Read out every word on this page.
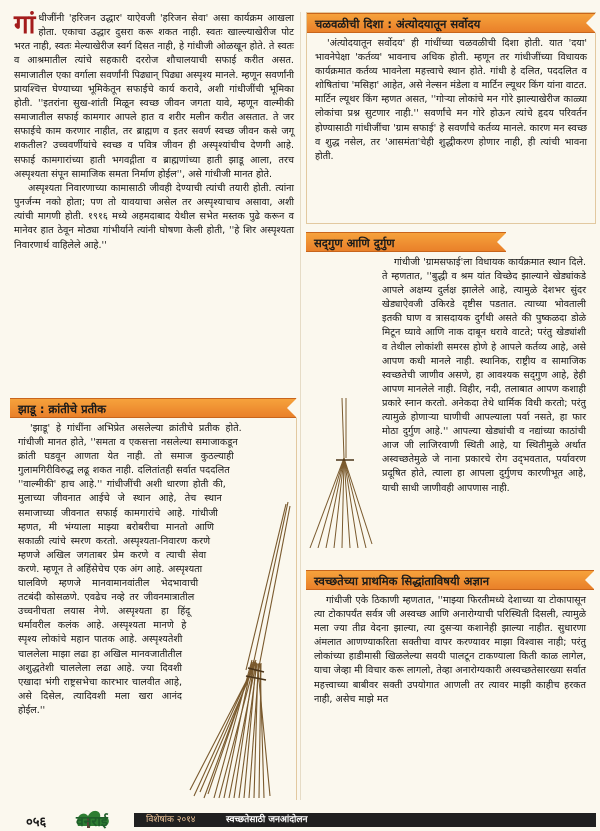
गांधीजींनी 'हरिजन उद्धार' याऐवजी 'हरिजन सेवा' असा कार्यक्रम आखला होता. एकाचा उद्धार दुसरा करू शकत नाही. स्वतः खाल्ल्याखेरीज पोट भरत नाही, स्वतः मेल्याखेरीज स्वर्ग दिसत नाही, हे गांधीजी ओळखून होते. ते स्वतः व आश्रमातील त्यांचे सहकारी दररोज शौचालयाची सफाई करीत असत. समाजातील एका वर्गाला सवर्णांनी पिढ्यान् पिढ्या अस्पृश्य मानले. म्हणून सवर्णांनी प्रायश्चित्त घेण्याच्या भूमिकेतून सफाईचे कार्य करावे, अशी गांधीजींची भूमिका होती. ''इतरांना सुख-शांती मिळून स्वच्छ जीवन जगता यावे, म्हणून वाल्मीकी समाजातील सफाई कामगार आपले हात व शरीर मलीन करीत असतात. ते जर सफाईचे काम करणार नाहीत, तर ब्राह्मण व इतर सवर्ण स्वच्छ जीवन कसे जगू शकतील? उच्चवर्णीयांचे स्वच्छ व पवित्र जीवन ही अस्पृश्यांचीच देणगी आहे. सफाई कामगारांच्या हाती भगवद्गीता व ब्राह्मणांच्या हाती झाडू आला, तरच अस्पृश्यता संपून सामाजिक समता निर्माण होईल'', असे गांधीजी मानत होते.

अस्पृश्यता निवारणाच्या कामासाठी जीवही देण्याची त्यांची तयारी होती. त्यांना पुनर्जन्म नको होता; पण तो यावयाचा असेल तर अस्पृश्याचाच असावा, अशी त्यांची मागणी होती. १९१६ मध्ये अहमदाबाद येथील सभेत मस्तक पुढे करून व मानेवर हात ठेवून मोठ्या गांभीर्याने त्यांनी घोषणा केली होती, ''हे शिर अस्पृश्यता निवारणार्थ वाहिलेले आहे.''

झाडू : क्रांतीचे प्रतीक

'झाडू' हे गांधींना अभिप्रेत असलेल्या क्रांतीचे प्रतीक होते. गांधीजी मानत होते, ''समता व एकसत्ता नसलेल्या समाजाकडून क्रांती घडवून आणता येत नाही. तो समाज कुठल्याही गुलामगिरीविरुद्ध लढू शकत नाही. दलितांतही सर्वात पददलित ''वाल्मीकी' हाच आहे.'' गांधीजींची अशी धारणा होती की, मुलाच्या जीवनात आईचे जे स्थान आहे, तेच स्थान समाजाच्या जीवनात सफाई कामगारांचे आहे. गांधीजी म्हणत, मी भंग्याला माझ्या बरोबरीचा मानतो आणि सकाळी त्यांचे स्मरण करतो. अस्पृश्यता-निवारण करणे म्हणजे अखिल जगताबर प्रेम करणे व त्याची सेवा करणे. म्हणून ते अहिंसेचेच एक अंग आहे. अस्पृश्यता घालविणे म्हणजे मानवामानवांतील भेदभावाची तटबंदी कोसळणे. एवढेच नव्हे तर जीवनमात्रातील उच्चनीचता लयास नेणे. अस्पृश्यता हा हिंदू धर्मावरील कलंक आहे. अस्पृश्यता मानणे हे स्पृश्य लोकांचे महान पातक आहे. अस्पृश्यतेशी चाललेला माझा लढा हा अखिल मानवजातीतील अशुद्धतेशी चाललेला लढा आहे. ज्या दिवशी एखादा भंगी राष्ट्रसभेचा कारभार चालवीत आहे, असे दिसेल, त्यादिवशी मला खरा आनंद होईल.''

चळवळीची दिशा : अंत्योदयातून सर्वोदय

'अंत्योदयातून सर्वोदय' ही गांधींच्या चळवळीची दिशा होती. यात 'दया' भावनेपेक्षा 'कर्तव्य' भावनाच अधिक होती. म्हणून तर गांधीजींच्या विधायक कार्यक्रमात कर्तव्य भावनेला महत्त्वाचे स्थान होते. गांधी हे दलित, पददलित व शोषितांचा 'मसिहा' आहेत, असे नेल्सन मंडेला व मार्टिन ल्यूथर किंग यांना वाटत. मार्टिन ल्यूथर किंग म्हणत असत, ''गोऱ्या लोकांचे मन गोरे झाल्याखेरीज काळ्या लोकांचा प्रश्न सुटणार नाही.'' सवर्णांचे मन गोरे होऊन त्यांचे हृदय परिवर्तन होण्यासाठी गांधीजींचा 'ग्राम सफाई' हे सवर्णांचे कर्तव्य मानले. कारण मन स्वच्छ व शुद्ध नसेल, तर 'आसमंता'चेही शुद्धीकरण होणार नाही, ही त्यांची भावना होती.

सद्‌गुण आणि दुर्गुण

गांधीजी 'ग्रामसफाई'ला विधायक कार्यक्रमात स्थान दिले. ते म्हणतात, ''बुद्धी व श्रम यांत विच्छेद झाल्याने खेड्यांकडे आपले अक्षम्य दुर्लक्ष झालेले आहे, त्यामुळे देशभर सुंदर खेड्याऐवजी उकिरडे दृष्टीस पडतात. त्याच्या भोवताली इतकी घाण व त्रासदायक दुर्गंधी असते की पुष्कळदा डोळे मिटून घ्यावे आणि नाक दाबून धरावे वाटते; परंतु खेड्यांशी व तेथील लोकांशी समरस होणे हे आपले कर्तव्य आहे, असे आपण कधी मानले नाही. स्थानिक, राष्ट्रीय व सामाजिक स्वच्छतेची जाणीव असणे, हा आवश्यक सद्‌गुण आहे, हेही आपण मानलेले नाही. विहीर, नदी, तलाबात आपण कशाही प्रकारे स्नान करतो. अनेकदा तेथे धार्मिक विधी करतो; परंतु त्यामुळे होणाऱ्या घाणीची आपल्याला पर्वा नसते, हा फार मोठा दुर्गुण आहे.'' आपल्या खेड्यांची व नद्यांच्या काठांची आज जी लाजिरवाणी स्थिती आहे, या स्थितीमुळे अर्थात अस्वच्छतेमुळे जे नाना प्रकारचे रोग उद्‌भवतात, पर्यावरण प्रदूषित होते, त्याला हा आपला दुर्गुणच कारणीभूत आहे, याची साधी जाणीवही आपणास नाही.

स्वच्छतेच्या प्राथमिक सिद्धांताविषयी अज्ञान

गांधीजी एके ठिकाणी म्हणतात, ''माझ्या फिरतीमध्ये देशाच्या या टोकापासून त्या टोकापर्यंत सर्वत्र जी अस्वच्छ आणि अनारोग्याची परिस्थिती दिसली, त्यामुळे मला ज्या तीव्र वेदना झाल्या, त्या दुसऱ्या कशानेही झाल्या नाहीत. सुधारणा अंमलात आणण्याकरिता सक्तीचा वापर करण्यावर माझा विश्वास नाही; परंतु लोकांच्या हाडीमासी खिळलेल्या सवयी पालटून टाकण्याला किती काळ लागेल, याचा जेव्हा मी विचार करू लागलो, तेव्हा अनारोग्यकारी अस्वच्छतेसारख्या सर्वात महत्त्वाच्या बाबीवर सक्ती उपयोगात आणली तर त्यावर माझी काहीच हरकत नाही, असेच माझे मत

०५६ वनराई	विशेषांक २०१४	स्वच्छतेसाठी जनआंदोलन
